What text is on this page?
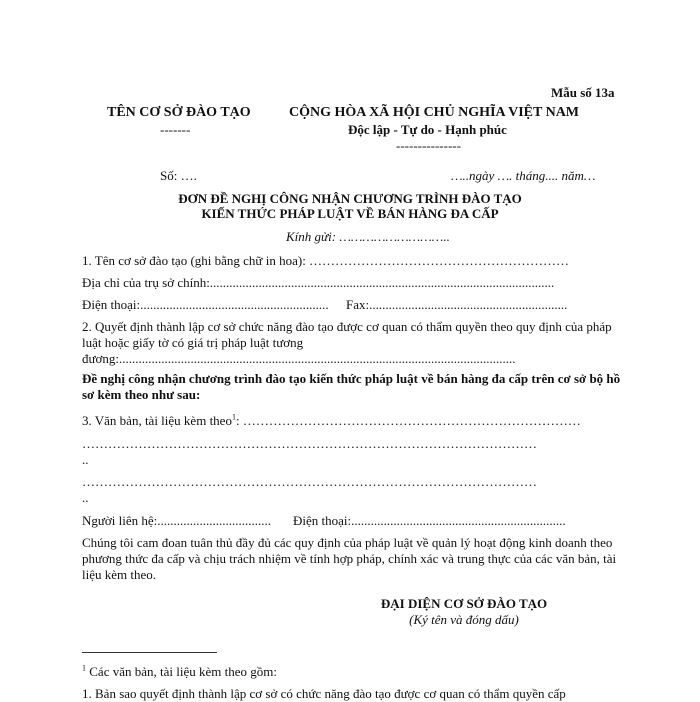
Mẫu số 13a
TÊN CƠ SỞ ĐÀO TẠO
-------
CỘNG HÒA XÃ HỘI CHỦ NGHĨA VIỆT NAM
Độc lập - Tự do - Hạnh phúc
---------------
Số: ….	…..ngày …. tháng.... năm…
ĐƠN ĐỀ NGHỊ CÔNG NHẬN CHƯƠNG TRÌNH ĐÀO TẠO
KIẾN THỨC PHÁP LUẬT VỀ BÁN HÀNG ĐA CẤP
Kính gửi: ………………………..
1. Tên cơ sở đào tạo (ghi bằng chữ in hoa): ……………………………………………………
Địa chỉ của trụ sở chính:..........................................................................................................
Điện thoại:.......................................................... Fax:.............................................................
2. Quyết định thành lập cơ sở chức năng đào tạo được cơ quan có thẩm quyền theo quy định của pháp luật hoặc giấy tờ có giá trị pháp luật tương đương:..........................................................................................................................
Đề nghị công nhận chương trình đào tạo kiến thức pháp luật về bán hàng đa cấp trên cơ sở bộ hồ sơ kèm theo như sau:
3. Văn bản, tài liệu kèm theo$^1$: ……………………………………………………………………
……………………………………………………………………………………………
..
……………………………………………………………………………………………
..
Người liên hệ:................................... Điện thoại:..................................................................
Chúng tôi cam đoan tuân thủ đầy đủ các quy định của pháp luật về quản lý hoạt động kinh doanh theo phương thức đa cấp và chịu trách nhiệm về tính hợp pháp, chính xác và trung thực của các văn bản, tài liệu kèm theo.
ĐẠI DIỆN CƠ SỞ ĐÀO TẠO
(Ký tên và đóng dấu)
$^1$ Các văn bản, tài liệu kèm theo gồm:
1. Bản sao quyết định thành lập cơ sở có chức năng đào tạo được cơ quan có thẩm quyền cấp
